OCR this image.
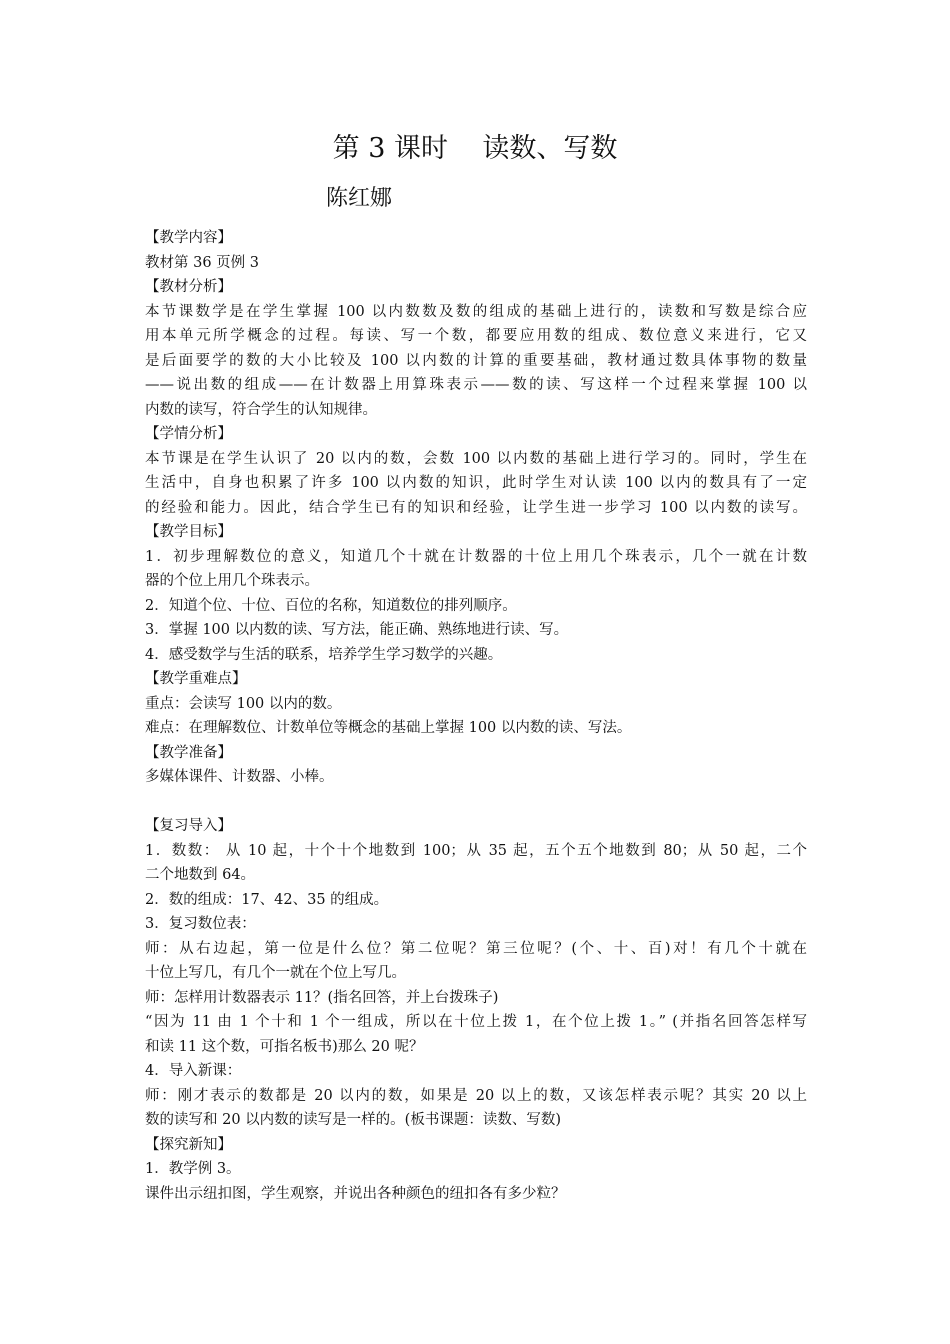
第 3 课时    读数、写数
陈红娜
【教学内容】
教材第 36 页例 3
【教材分析】
本节课数学是在学生掌握 100 以内数数及数的组成的基础上进行的，读数和写数是综合应
用本单元所学概念的过程。每读、写一个数，都要应用数的组成、数位意义来进行，它又
是后面要学的数的大小比较及 100 以内数的计算的重要基础，教材通过数具体事物的数量
——说出数的组成——在计数器上用算珠表示——数的读、写这样一个过程来掌握 100 以
内数的读写，符合学生的认知规律。
【学情分析】
本节课是在学生认识了 20 以内的数，会数 100 以内数的基础上进行学习的。同时，学生在
生活中，自身也积累了许多 100 以内数的知识，此时学生对认读 100 以内的数具有了一定
的经验和能力。因此，结合学生已有的知识和经验，让学生进一步学习 100 以内数的读写。
【教学目标】
1．初步理解数位的意义，知道几个十就在计数器的十位上用几个珠表示，几个一就在计数
器的个位上用几个珠表示。
2．知道个位、十位、百位的名称，知道数位的排列顺序。
3．掌握 100 以内数的读、写方法，能正确、熟练地进行读、写。
4．感受数学与生活的联系，培养学生学习数学的兴趣。
【教学重难点】
重点：会读写 100 以内的数。
难点：在理解数位、计数单位等概念的基础上掌握 100 以内数的读、写法。
【教学准备】
多媒体课件、计数器、小棒。
【复习导入】
1．数数： 从 10 起，十个十个地数到 100；从 35 起，五个五个地数到 80；从 50 起，二个
二个地数到 64。
2．数的组成：17、42、35 的组成。
3．复习数位表：
师：从右边起，第一位是什么位？第二位呢？第三位呢？(个、十、百)对！有几个十就在
十位上写几，有几个一就在个位上写几。
师：怎样用计数器表示 11？(指名回答，并上台拨珠子)
“因为 11 由 1 个十和 1 个一组成，所以在十位上拨 1，在个位上拨 1。” (并指名回答怎样写
和读 11 这个数，可指名板书)那么 20 呢？
4．导入新课：
师：刚才表示的数都是 20 以内的数，如果是 20 以上的数，又该怎样表示呢？其实 20 以上
数的读写和 20 以内数的读写是一样的。(板书课题：读数、写数)
【探究新知】
1．教学例 3。
课件出示纽扣图，学生观察，并说出各种颜色的纽扣各有多少粒？
